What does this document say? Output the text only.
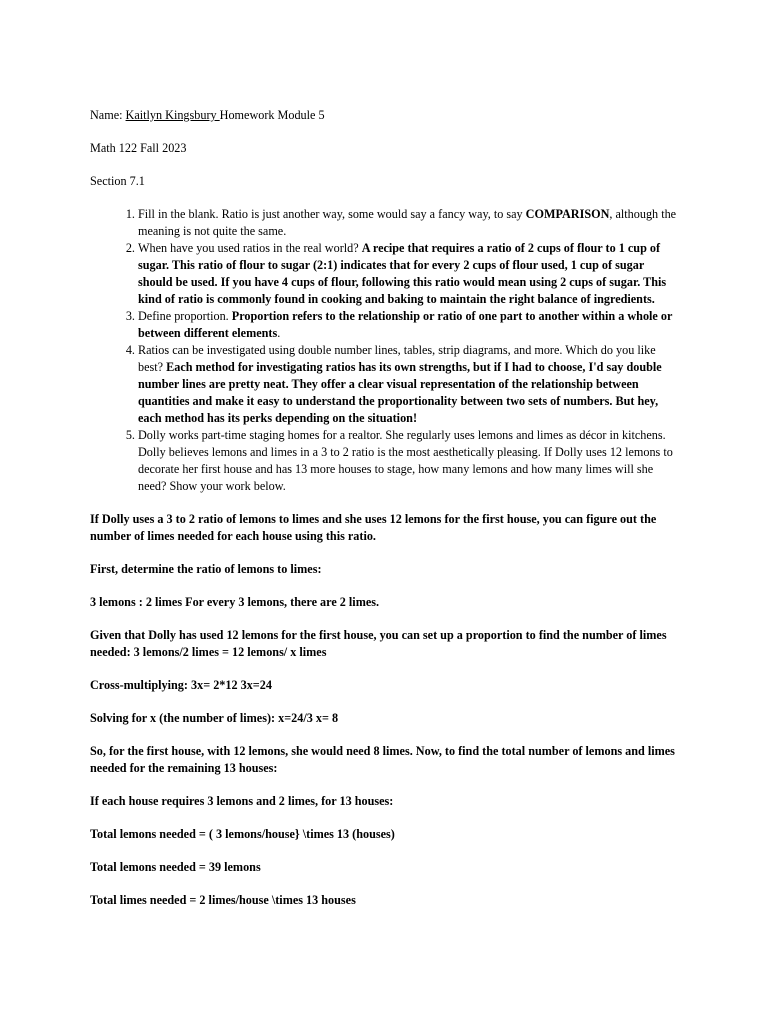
Name: Kaitlyn Kingsbury Homework Module 5

Math 122 Fall 2023

Section 7.1

1. Fill in the blank. Ratio is just another way, some would say a fancy way, to say COMPARISON, although the meaning is not quite the same.
2. When have you used ratios in the real world? A recipe that requires a ratio of 2 cups of flour to 1 cup of sugar. This ratio of flour to sugar (2:1) indicates that for every 2 cups of flour used, 1 cup of sugar should be used. If you have 4 cups of flour, following this ratio would mean using 2 cups of sugar. This kind of ratio is commonly found in cooking and baking to maintain the right balance of ingredients.
3. Define proportion. Proportion refers to the relationship or ratio of one part to another within a whole or between different elements.
4. Ratios can be investigated using double number lines, tables, strip diagrams, and more. Which do you like best? Each method for investigating ratios has its own strengths, but if I had to choose, I'd say double number lines are pretty neat. They offer a clear visual representation of the relationship between quantities and make it easy to understand the proportionality between two sets of numbers. But hey, each method has its perks depending on the situation!
5. Dolly works part-time staging homes for a realtor. She regularly uses lemons and limes as décor in kitchens. Dolly believes lemons and limes in a 3 to 2 ratio is the most aesthetically pleasing. If Dolly uses 12 lemons to decorate her first house and has 13 more houses to stage, how many lemons and how many limes will she need? Show your work below.

If Dolly uses a 3 to 2 ratio of lemons to limes and she uses 12 lemons for the first house, you can figure out the number of limes needed for each house using this ratio.

First, determine the ratio of lemons to limes:

3 lemons : 2 limes For every 3 lemons, there are 2 limes.

Given that Dolly has used 12 lemons for the first house, you can set up a proportion to find the number of limes needed: 3 lemons/2 limes = 12 lemons/ x limes

Cross-multiplying: 3x= 2*12 3x=24

Solving for x (the number of limes): x=24/3 x= 8

So, for the first house, with 12 lemons, she would need 8 limes. Now, to find the total number of lemons and limes needed for the remaining 13 houses:

If each house requires 3 lemons and 2 limes, for 13 houses:

Total lemons needed = ( 3 lemons/house} \times 13 (houses)

Total lemons needed = 39 lemons

Total limes needed = 2 limes/house \times 13 houses
